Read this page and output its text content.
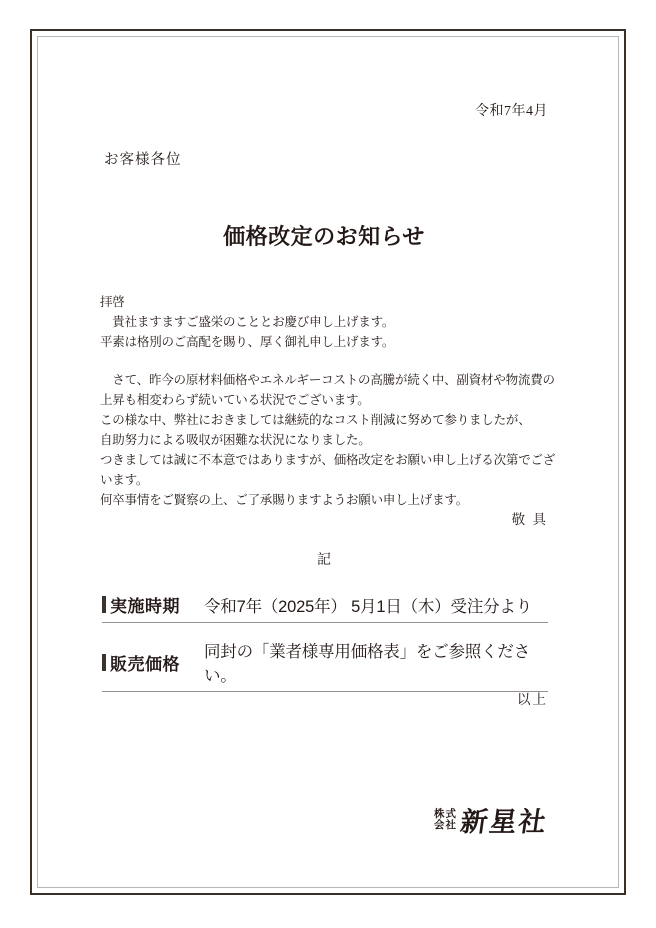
令和7年4月
お客様各位
価格改定のお知らせ

拝啓
　貴社ますますご盛栄のこととお慶び申し上げます。
平素は格別のご高配を賜り、厚く御礼申し上げます。

　さて、昨今の原材料価格やエネルギーコストの高騰が続く中、副資材や物流費の
上昇も相変わらず続いている状況でございます。
この様な中、弊社におきましては継続的なコスト削減に努めて参りましたが、
自助努力による吸収が困難な状況になりました。
つきましては誠に不本意ではありますが、価格改定をお願い申し上げる次第でございます。
何卒事情をご賢察の上、ご了承賜りますようお願い申し上げます。

敬 具
記
実施時期	令和7年（2025年） 5月1日（木）受注分より
販売価格
同封の「業者様専用価格表」をご参照ください。
以上
株式
会社 新星社
